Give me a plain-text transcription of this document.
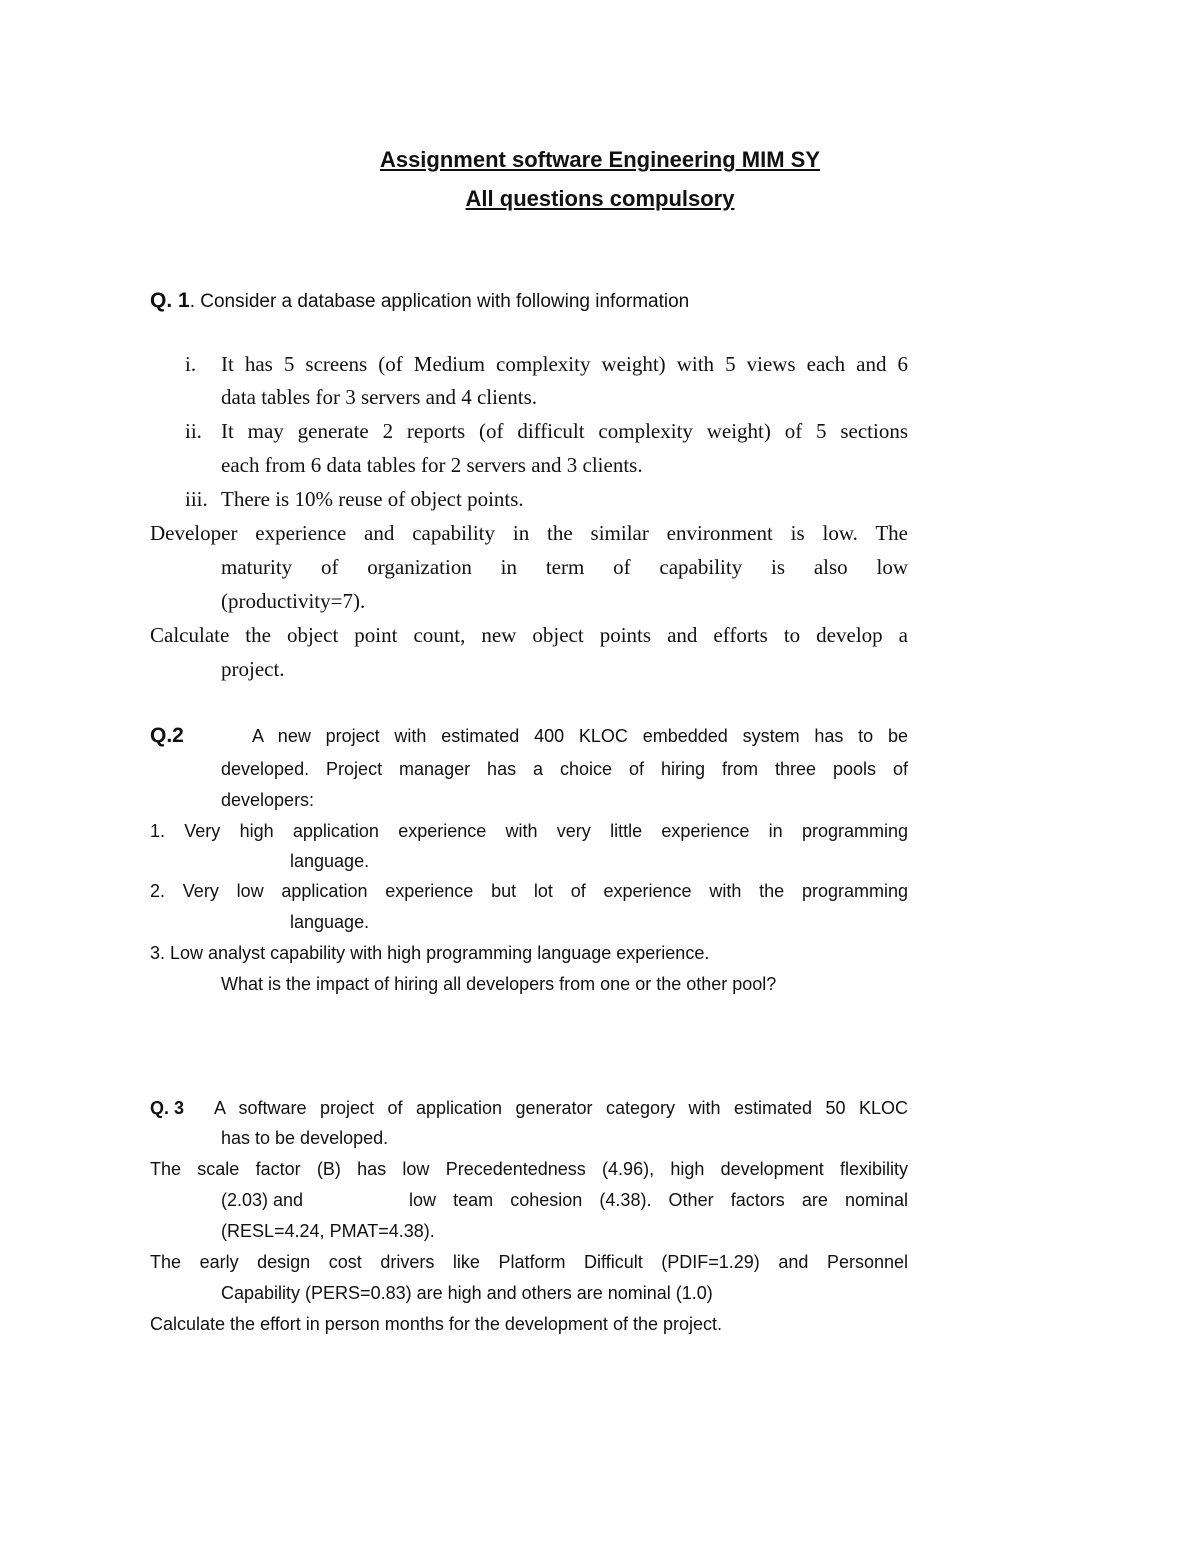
Assignment software Engineering MIM SY
All questions compulsory
Q. 1. Consider a database application with following information
i. It has 5 screens (of Medium complexity weight) with 5 views each and 6
data tables for 3 servers and 4 clients.
ii. It may generate 2 reports (of difficult complexity weight) of 5 sections
each from 6 data tables for 2 servers and 3 clients.
iii. There is 10% reuse of object points.
Developer experience and capability in the similar environment is low. The
maturity of organization in term of capability is also low
(productivity=7).
Calculate the object point count, new object points and efforts to develop a
project.
Q.2	A new project with estimated 400 KLOC embedded system has to be
developed. Project manager has a choice of hiring from three pools of
developers:
1. Very high application experience with very little experience in programming
language.
2. Very low application experience but lot of experience with the programming
language.
3. Low analyst capability with high programming language experience.
What is the impact of hiring all developers from one or the other pool?
Q. 3 A software project of application generator category with estimated 50 KLOC
has to be developed.
The scale factor (B) has low Precedentedness (4.96), high development flexibility
(2.03) and	low team cohesion (4.38). Other factors are nominal
(RESL=4.24, PMAT=4.38).
The early design cost drivers like Platform Difficult (PDIF=1.29) and Personnel
Capability (PERS=0.83) are high and others are nominal (1.0)
Calculate the effort in person months for the development of the project.
